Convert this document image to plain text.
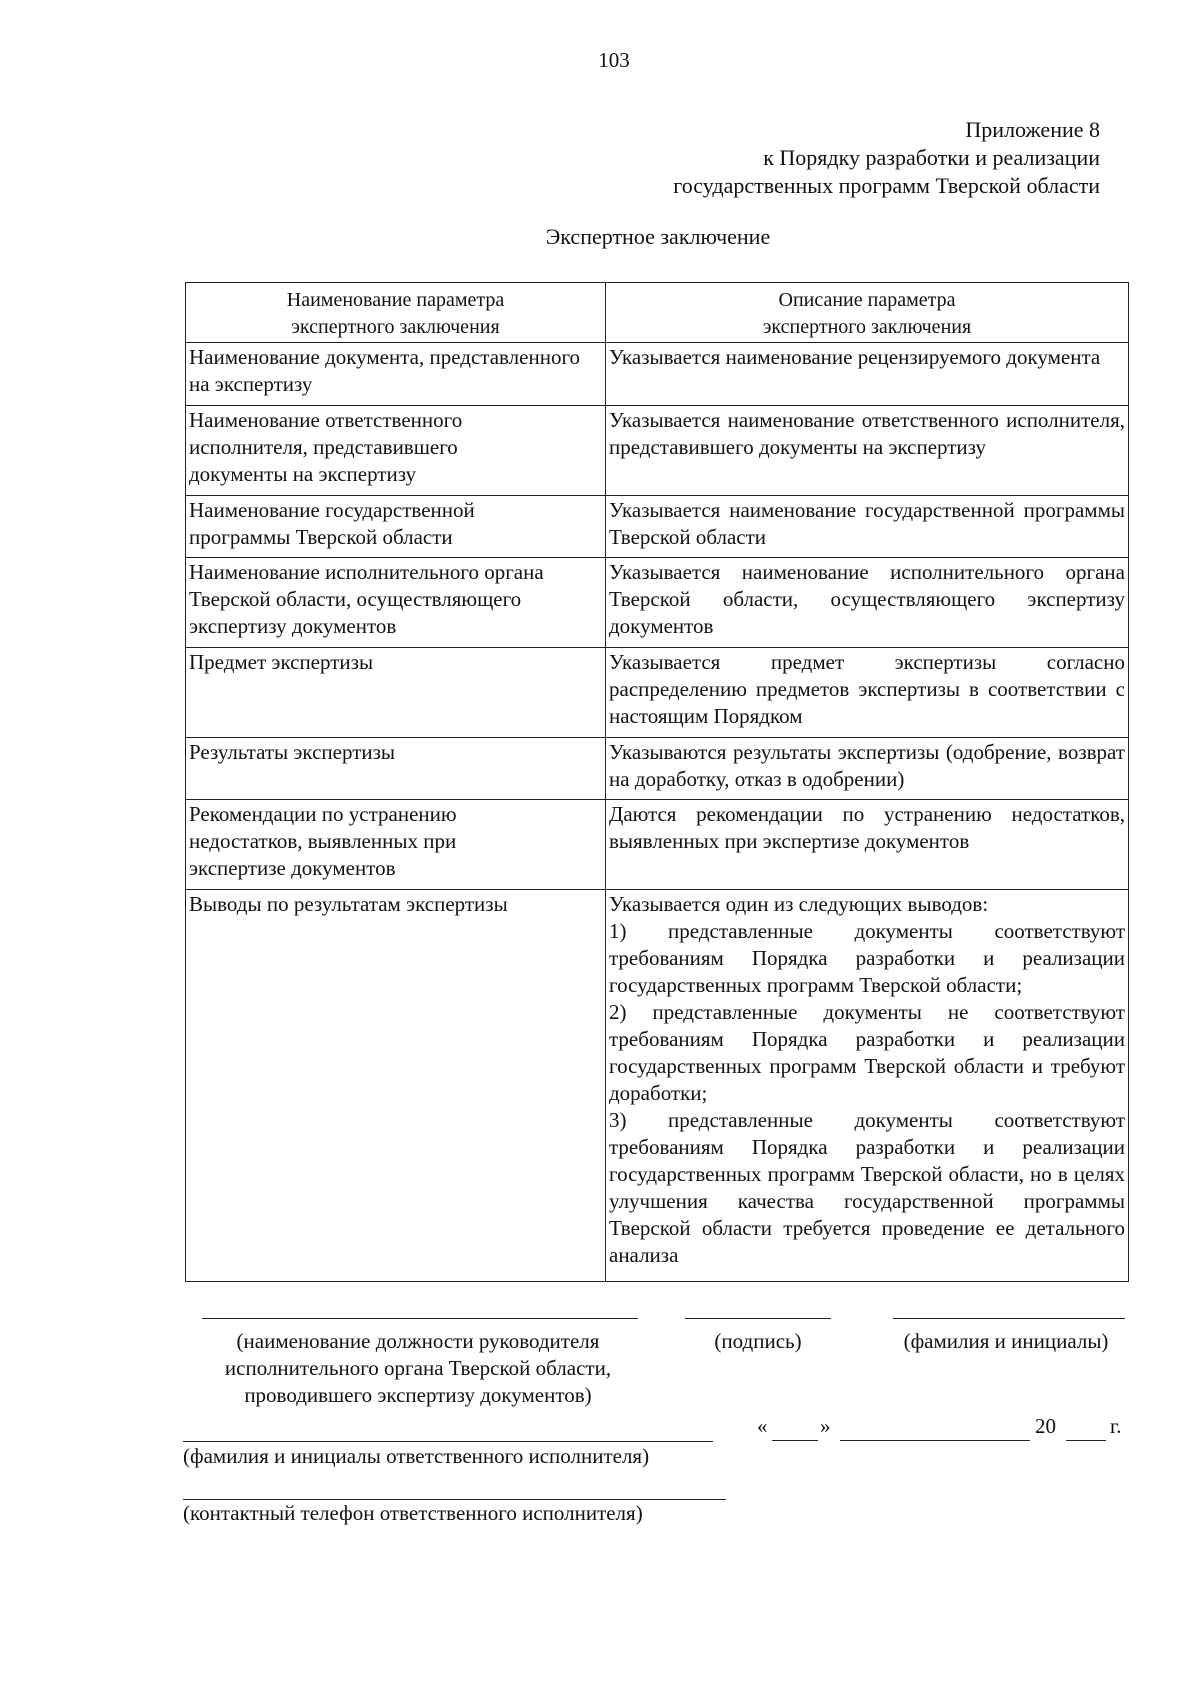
103
Приложение 8
к Порядку разработки и реализации
государственных программ Тверской области
Экспертное заключение
Наименование параметра экспертного заключения	Описание параметра экспертного заключения

Наименование документа, представленного на экспертизу	Указывается наименование рецензируемого документа

Наименование ответственного исполнителя, представившего документы на экспертизу	Указывается наименование ответственного исполнителя, представившего документы на экспертизу

Наименование государственной программы Тверской области	Указывается наименование государственной программы Тверской области
Наименование исполнительного органа Тверской области, осуществляющего экспертизу документов	Указывается наименование исполнительного органа Тверской области, осуществляющего экспертизу документов
Предмет экспертизы	Указывается предмет экспертизы согласно распределению предметов экспертизы в соответствии с настоящим Порядком
Результаты экспертизы	Указываются результаты экспертизы (одобрение, возврат на доработку, отказ в одобрении)

Рекомендации по устранению недостатков, выявленных при экспертизе документов	Даются рекомендации по устранению недостатков, выявленных при экспертизе документов
Выводы по результатам экспертизы	Указывается один из следующих выводов:
1) представленные документы соответствуют требованиям Порядка разработки и реализации государственных программ Тверской области;
2) представленные документы не соответствуют требованиям Порядка разработки и реализации государственных программ Тверской области и требуют доработки;
3) представленные документы соответствуют требованиям Порядка разработки и реализации государственных программ Тверской области, но в целях улучшения качества государственной программы Тверской области требуется проведение ее детального анализа
(наименование должности руководителя исполнительного органа Тверской области, проводившего экспертизу документов)
(подпись)	(фамилия и инициалы)
(фамилия и инициалы ответственного исполнителя)
«	»	20	г.
(контактный телефон ответственного исполнителя)
